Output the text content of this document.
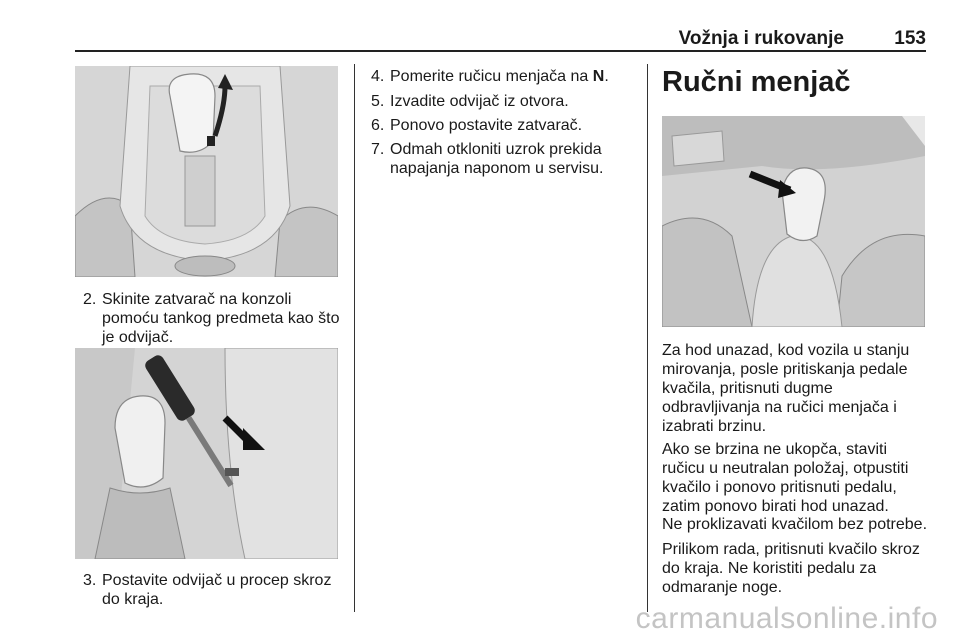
Vožnja i rukovanje	153
2. Skinite zatvarač na konzoli
pomoću tankog predmeta kao što
je odvijač.
3. Postavite odvijač u procep skroz
do kraja.
4. Pomerite ručicu menjača na N.
5. Izvadite odvijač iz otvora.
6. Ponovo postavite zatvarač.
7. Odmah otkloniti uzrok prekida
napajanja naponom u servisu.
Ručni menjač
Za hod unazad, kod vozila u stanju
mirovanja, posle pritiskanja pedale
kvačila, pritisnuti dugme
odbravljivanja na ručici menjača i
izabrati brzinu.
Ako se brzina ne ukopča, staviti
ručicu u neutralan položaj, otpustiti
kvačilo i ponovo pritisnuti pedalu,
zatim ponovo birati hod unazad.
Ne proklizavati kvačilom bez potrebe.
Prilikom rada, pritisnuti kvačilo skroz
do kraja. Ne koristiti pedalu za
odmaranje noge.
carmanualsonline.info
